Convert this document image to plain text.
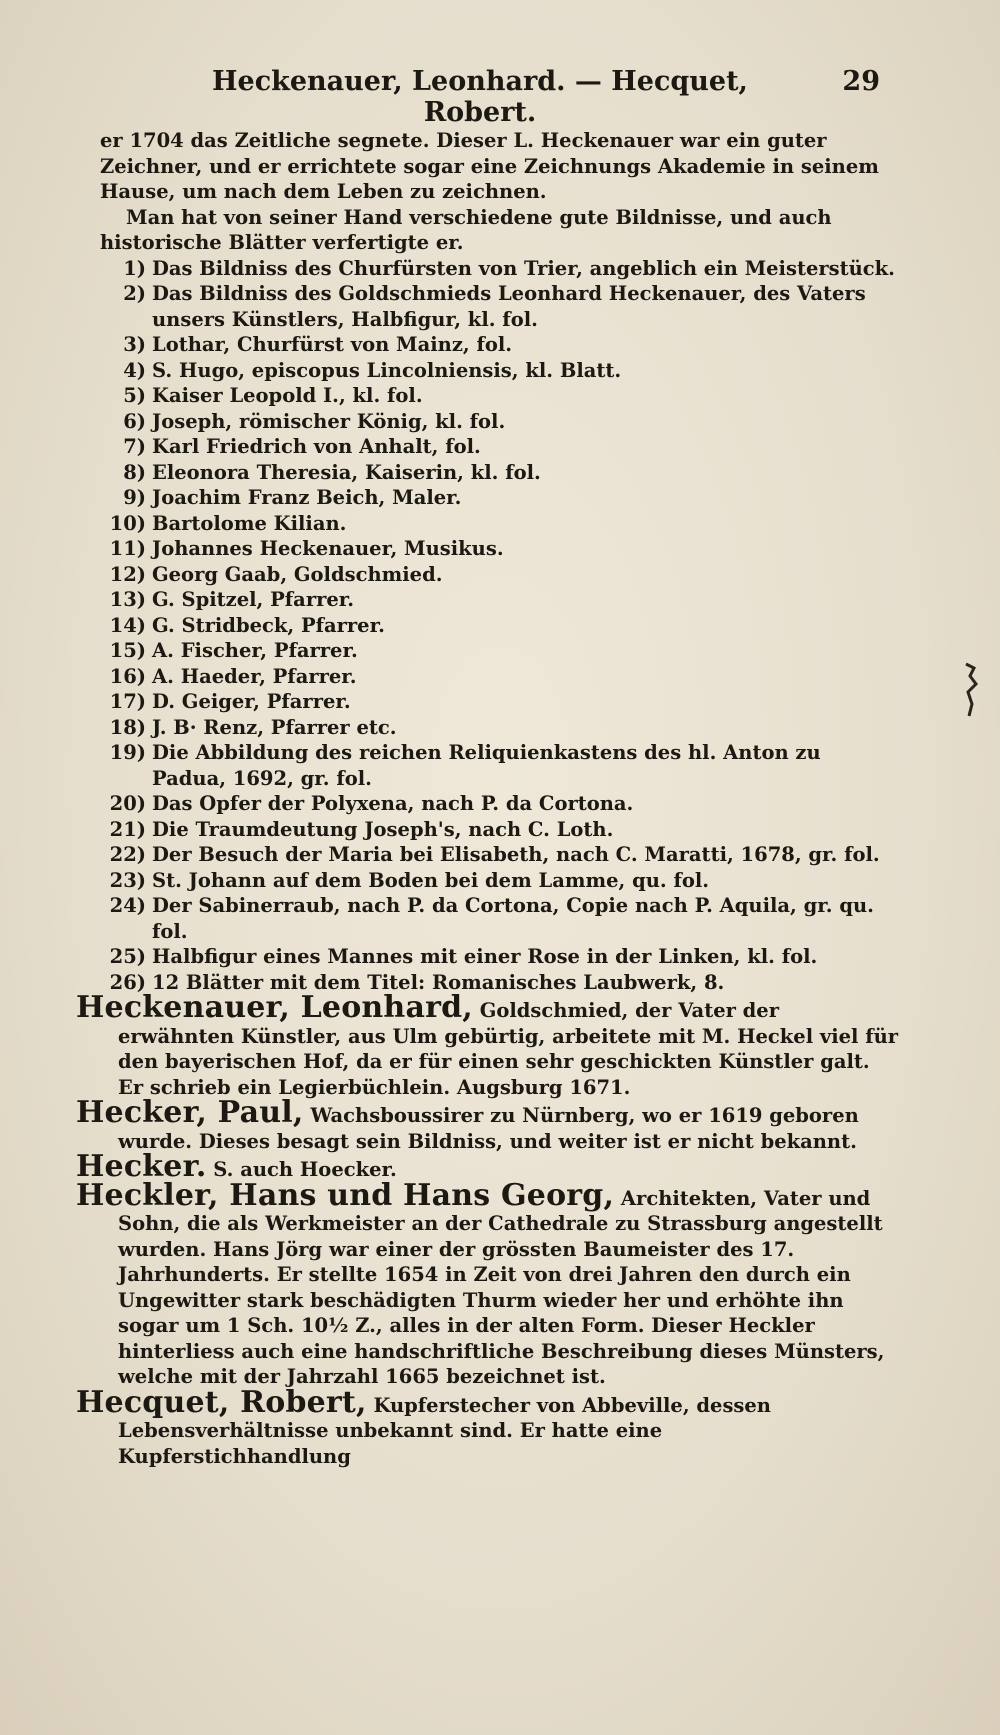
Heckenauer, Leonhard. — Hecquet, Robert.
29

er 1704 das Zeitliche segnete. Dieser L. Heckenauer war ein guter Zeichner, und er errichtete sogar eine Zeichnungs Akademie in seinem Hause, um nach dem Leben zu zeichnen.

Man hat von seiner Hand verschiedene gute Bildnisse, und auch historische Blätter verfertigte er.

1) Das Bildniss des Churfürsten von Trier, angeblich ein Meisterstück.
2) Das Bildniss des Goldschmieds Leonhard Heckenauer, des Vaters unsers Künstlers, Halbfigur, kl. fol.
3) Lothar, Churfürst von Mainz, fol.
4) S. Hugo, episcopus Lincolniensis, kl. Blatt.
5) Kaiser Leopold I., kl. fol.
6) Joseph, römischer König, kl. fol.
7) Karl Friedrich von Anhalt, fol.
8) Eleonora Theresia, Kaiserin, kl. fol.
9) Joachim Franz Beich, Maler.
10) Bartolome Kilian.
11) Johannes Heckenauer, Musikus.
12) Georg Gaab, Goldschmied.
13) G. Spitzel, Pfarrer.
14) G. Stridbeck, Pfarrer.
15) A. Fischer, Pfarrer.
16) A. Haeder, Pfarrer.
17) D. Geiger, Pfarrer.
18) J. B· Renz, Pfarrer etc.
19) Die Abbildung des reichen Reliquienkastens des hl. Anton zu Padua, 1692, gr. fol.
20) Das Opfer der Polyxena, nach P. da Cortona.
21) Die Traumdeutung Joseph's, nach C. Loth.
22) Der Besuch der Maria bei Elisabeth, nach C. Maratti, 1678, gr. fol.
23) St. Johann auf dem Boden bei dem Lamme, qu. fol.
24) Der Sabinerraub, nach P. da Cortona, Copie nach P. Aquila, gr. qu. fol.
25) Halbfigur eines Mannes mit einer Rose in der Linken, kl. fol.
26) 12 Blätter mit dem Titel: Romanisches Laubwerk, 8.

Heckenauer, Leonhard, Goldschmied, der Vater der erwähnten Künstler, aus Ulm gebürtig, arbeitete mit M. Heckel viel für den bayerischen Hof, da er für einen sehr geschickten Künstler galt. Er schrieb ein Legierbüchlein. Augsburg 1671.

Hecker, Paul, Wachsboussirer zu Nürnberg, wo er 1619 geboren wurde. Dieses besagt sein Bildniss, und weiter ist er nicht bekannt.

Hecker. S. auch Hoecker.

Heckler, Hans und Hans Georg, Architekten, Vater und Sohn, die als Werkmeister an der Cathedrale zu Strassburg angestellt wurden. Hans Jörg war einer der grössten Baumeister des 17. Jahrhunderts. Er stellte 1654 in Zeit von drei Jahren den durch ein Ungewitter stark beschädigten Thurm wieder her und erhöhte ihn sogar um 1 Sch. 10½ Z., alles in der alten Form. Dieser Heckler hinterliess auch eine handschriftliche Beschreibung dieses Münsters, welche mit der Jahrzahl 1665 bezeichnet ist.

Hecquet, Robert, Kupferstecher von Abbeville, dessen Lebensverhältnisse unbekannt sind. Er hatte eine Kupferstichhandlung
